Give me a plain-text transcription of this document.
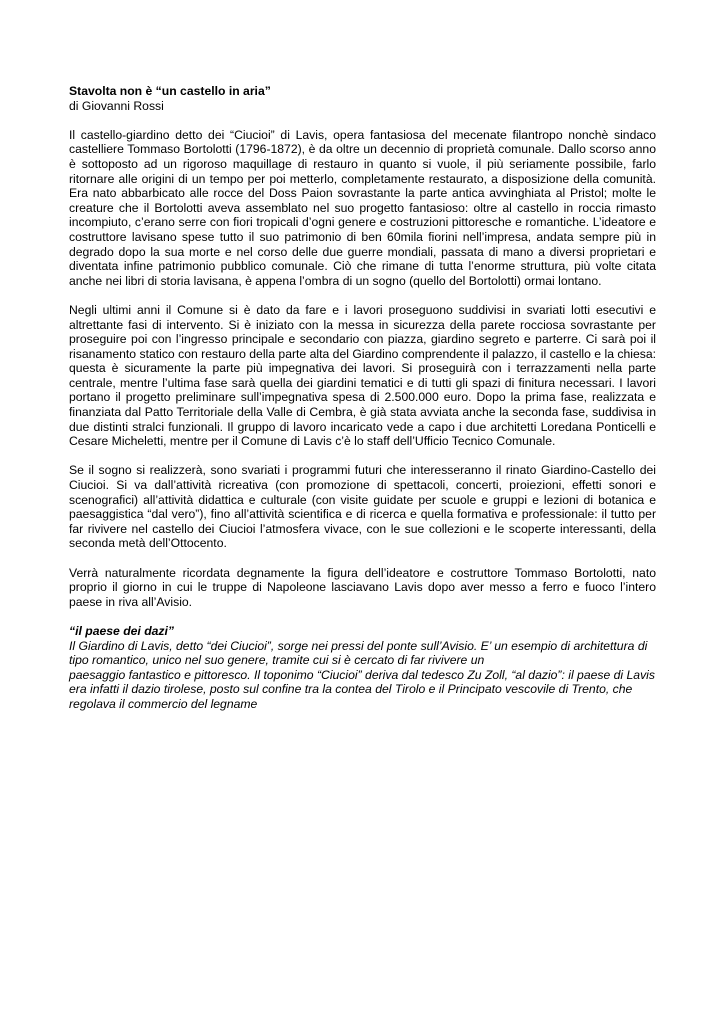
Stavolta non è “un castello in aria”

di Giovanni Rossi

Il castello-giardino detto dei “Ciucioi” di Lavis, opera fantasiosa del mecenate filantropo nonchè sindaco castelliere Tommaso Bortolotti (1796-1872), è da oltre un decennio di proprietà comunale. Dallo scorso anno è sottoposto ad un rigoroso maquillage di restauro in quanto si vuole, il più seriamente possibile, farlo ritornare alle origini di un tempo per poi metterlo, completamente restaurato, a disposizione della comunità. Era nato abbarbicato alle rocce del Doss Paion sovrastante la parte antica avvinghiata al Pristol; molte le creature che il Bortolotti aveva assemblato nel suo progetto fantasioso: oltre al castello in roccia rimasto incompiuto, c’erano serre con fiori tropicali d’ogni genere e costruzioni pittoresche e romantiche. L’ideatore e costruttore lavisano spese tutto il suo patrimonio di ben 60mila fiorini nell’impresa, andata sempre più in degrado dopo la sua morte e nel corso delle due guerre mondiali, passata di mano a diversi proprietari e diventata infine patrimonio pubblico comunale. Ciò che rimane di tutta l’enorme struttura, più volte citata anche nei libri di storia lavisana, è appena l’ombra di un sogno (quello del Bortolotti) ormai lontano.

Negli ultimi anni il Comune si è dato da fare e i lavori proseguono suddivisi in svariati lotti esecutivi e altrettante fasi di intervento. Si è iniziato con la messa in sicurezza della parete rocciosa sovrastante per proseguire poi con l’ingresso principale e secondario con piazza, giardino segreto e parterre. Ci sarà poi il risanamento statico con restauro della parte alta del Giardino comprendente il palazzo, il castello e la chiesa: questa è sicuramente la parte più impegnativa dei lavori. Si proseguirà con i terrazzamenti nella parte centrale, mentre l’ultima fase sarà quella dei giardini tematici e di tutti gli spazi di finitura necessari. I lavori portano il progetto preliminare sull’impegnativa spesa di 2.500.000 euro. Dopo la prima fase, realizzata e finanziata dal Patto Territoriale della Valle di Cembra, è già stata avviata anche la seconda fase, suddivisa in due distinti stralci funzionali. Il gruppo di lavoro incaricato vede a capo i due architetti Loredana Ponticelli e Cesare Micheletti, mentre per il Comune di Lavis c’è lo staff dell’Ufficio Tecnico Comunale.

Se il sogno si realizzerà, sono svariati i programmi futuri che interesseranno il rinato Giardino-Castello dei Ciucioi. Si va dall’attività ricreativa (con promozione di spettacoli, concerti, proiezioni, effetti sonori e scenografici) all’attività didattica e culturale (con visite guidate per scuole e gruppi e lezioni di botanica e paesaggistica “dal vero”), fino all’attività scientifica e di ricerca e quella formativa e professionale: il tutto per far rivivere nel castello dei Ciucioi l’atmosfera vivace, con le sue collezioni e le scoperte interessanti, della seconda metà dell’Ottocento.

Verrà naturalmente ricordata degnamente la figura dell’ideatore e costruttore Tommaso Bortolotti, nato proprio il giorno in cui le truppe di Napoleone lasciavano Lavis dopo aver messo a ferro e fuoco l’intero paese in riva all’Avisio.

“il paese dei dazi”

Il Giardino di Lavis, detto “dei Ciucioi”, sorge nei pressi del ponte sull’Avisio. E’ un esempio di architettura di tipo romantico, unico nel suo genere, tramite cui si è cercato di far rivivere un

paesaggio fantastico e pittoresco. Il toponimo “Ciucioi” deriva dal tedesco Zu Zoll, “al dazio”: il paese di Lavis era infatti il dazio tirolese, posto sul confine tra la contea del Tirolo e il Principato vescovile di Trento, che regolava il commercio del legname
